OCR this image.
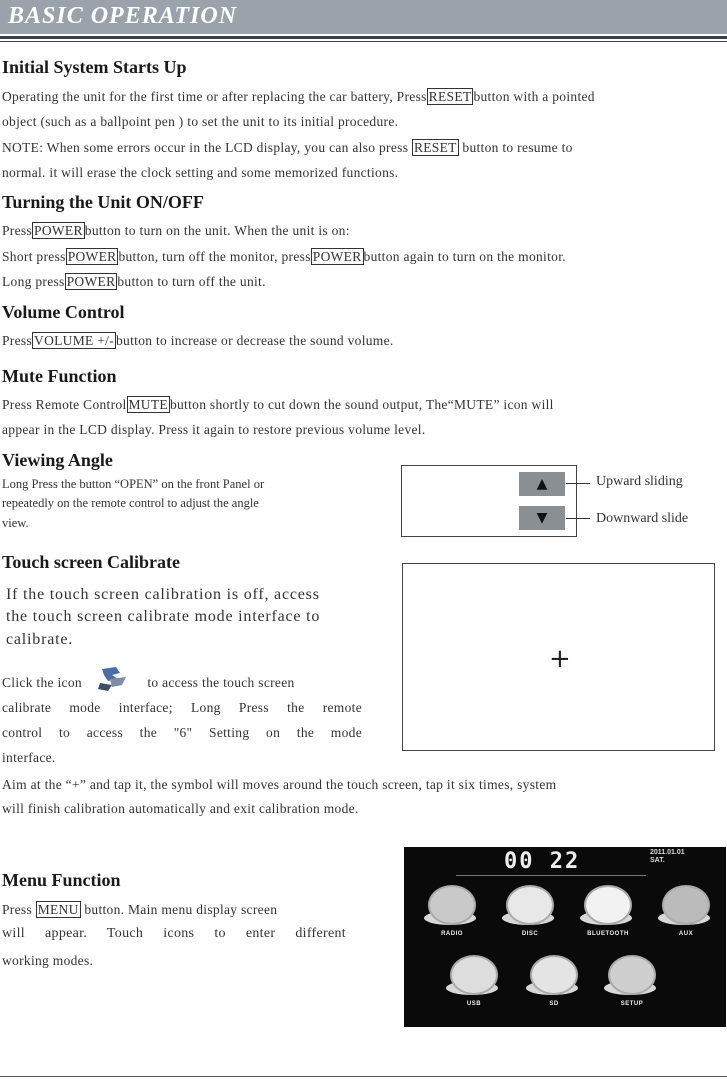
BASIC OPERATION
Initial System Starts Up
Operating the unit for the first time or after replacing the car battery, Press RESET button with a pointed
object (such as a ballpoint pen ) to set the unit to its initial procedure.
NOTE: When some errors occur in the LCD display, you can also press RESET button to resume to
normal. it will erase the clock setting and some memorized functions.
Turning the Unit ON/OFF
Press POWER button to turn on the unit. When the unit is on:
Short press POWER button, turn off the monitor, press POWER button again to turn on the monitor.
Long press POWER button to turn off the unit.
Volume Control
Press VOLUME +/- button to increase or decrease the sound volume.
Mute Function
Press Remote Control MUTE button shortly to cut down the sound output, The“MUTE” icon will
appear in the LCD display. Press it again to restore previous volume level.
Viewing Angle
Long Press the button “OPEN” on the front Panel or
repeatedly on the remote control to adjust the angle
view.
▲
▼
Upward sliding
Downward slide
Touch screen Calibrate
If the touch screen calibration is off, access
the touch screen calibrate mode interface to
calibrate.
Click the icon	to access the touch screen
calibrate mode interface; Long Press the remote
control to access the "6" Setting on the mode
interface.
+
Aim at the “+” and tap it, the symbol will moves around the touch screen, tap it six times, system
will finish calibration automatically and exit calibration mode.
Menu Function
Press MENU button. Main menu display screen
will appear. Touch icons to enter different
working modes.
00 22	2011.01.01
SAT.
RADIO	DISC	BLUETOOTH	AUX
USB	SD	SETUP
